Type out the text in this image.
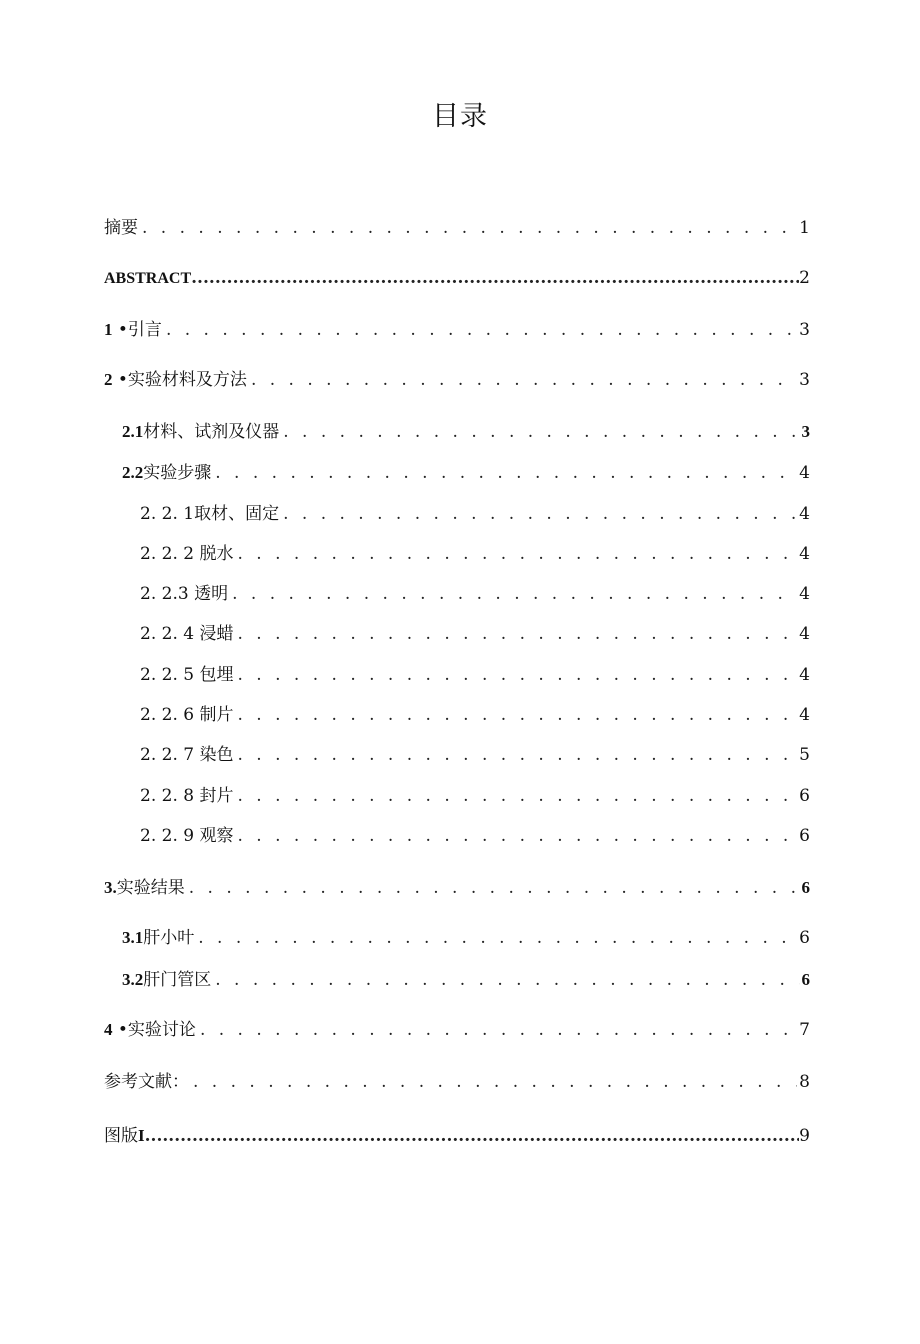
目录
摘要 . . .	1
ABSTRACT .....	2
1 •引言 . . .	3
2 •实验材料及方法 . . .	3
2.1材料、试剂及仪器 . . .	3
2.2实验步骤 . . .	4
2. 2. 1取材、固定 . . .	4
2. 2. 2 脱水 . . .	4
2. 2.3 透明 . . .	4
2. 2. 4 浸蜡 . . .	4
2. 2. 5 包埋 . . .	4
2. 2. 6 制片 . . .	4
2. 2. 7 染色 . . .	5
2. 2. 8 封片 . . .	6
2. 2. 9 观察 . . .	6
3.实验结果 . . .	6
3.1肝小叶 . . .	6
3.2肝门管区 . . .	6
4 •实验讨论 . . .	7
参考文献： . . .	8
图版I .....	9
